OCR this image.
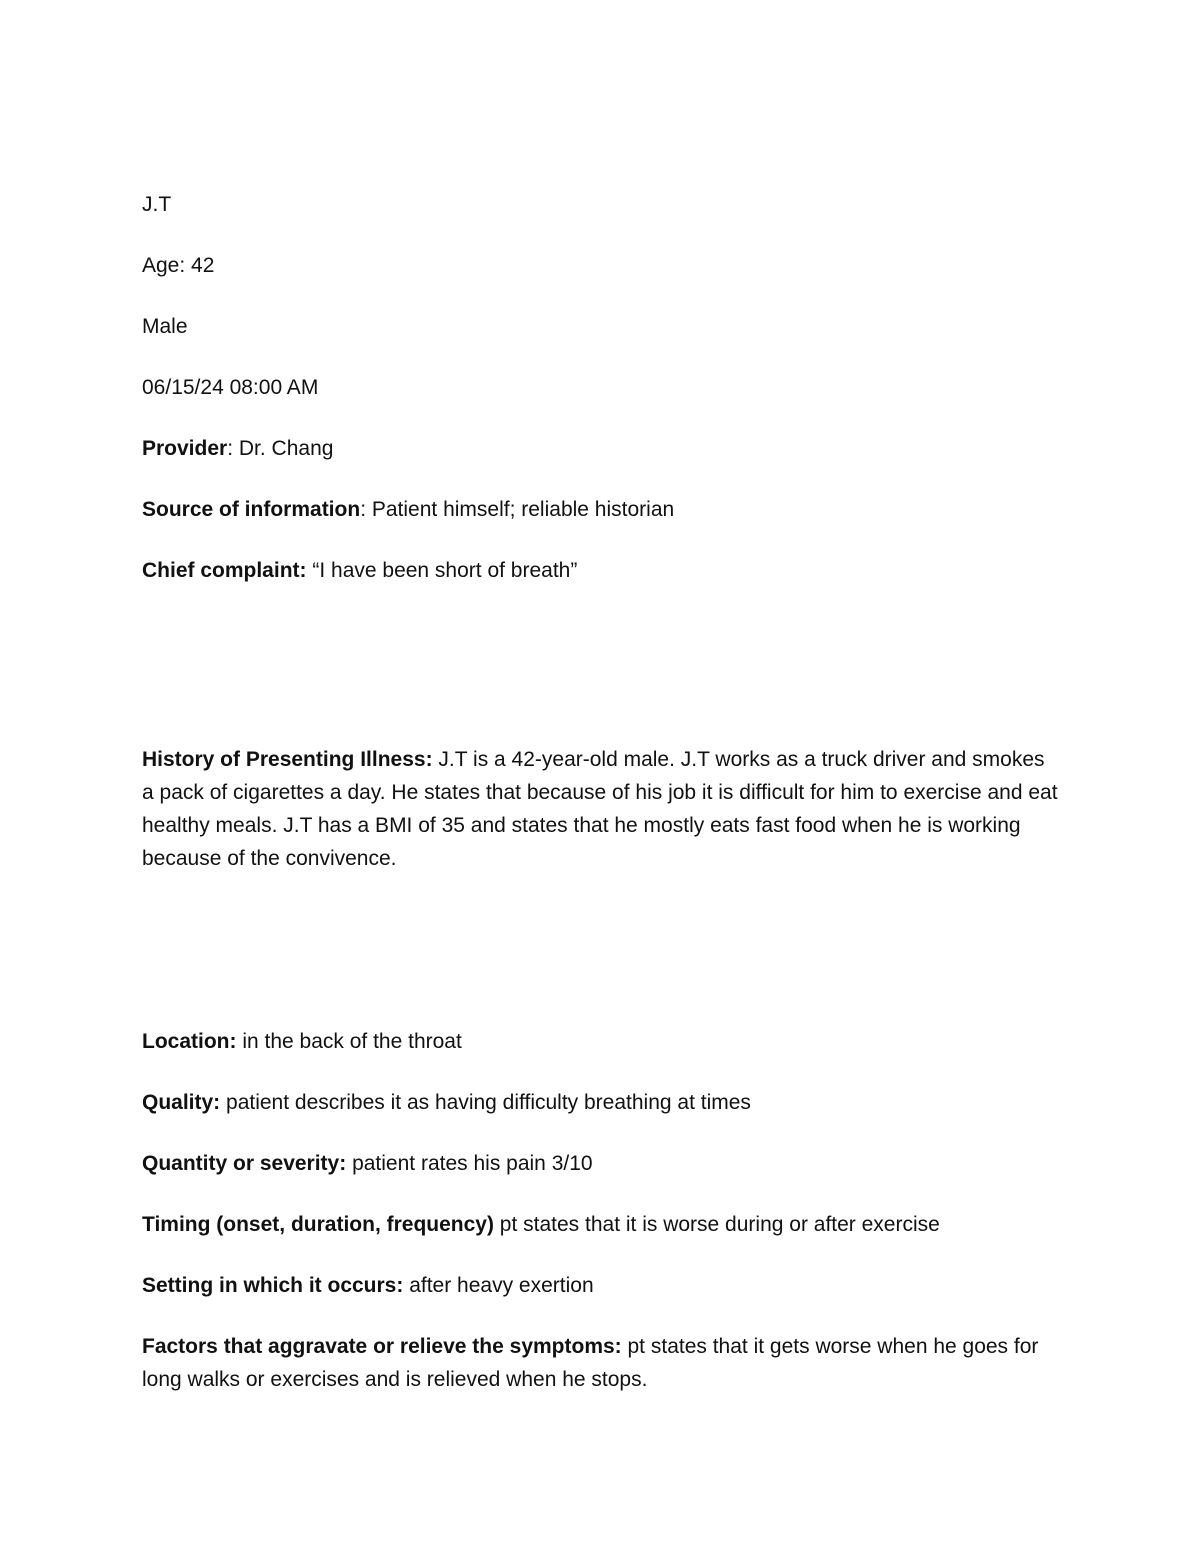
J.T
Age: 42
Male
06/15/24 08:00 AM
Provider: Dr. Chang
Source of information: Patient himself; reliable historian
Chief complaint: “I have been short of breath”
History of Presenting Illness: J.T is a 42-year-old male. J.T works as a truck driver and smokes a pack of cigarettes a day. He states that because of his job it is difficult for him to exercise and eat healthy meals. J.T has a BMI of 35 and states that he mostly eats fast food when he is working because of the convivence.
Location: in the back of the throat
Quality: patient describes it as having difficulty breathing at times
Quantity or severity: patient rates his pain 3/10
Timing (onset, duration, frequency) pt states that it is worse during or after exercise
Setting in which it occurs: after heavy exertion
Factors that aggravate or relieve the symptoms: pt states that it gets worse when he goes for long walks or exercises and is relieved when he stops.
